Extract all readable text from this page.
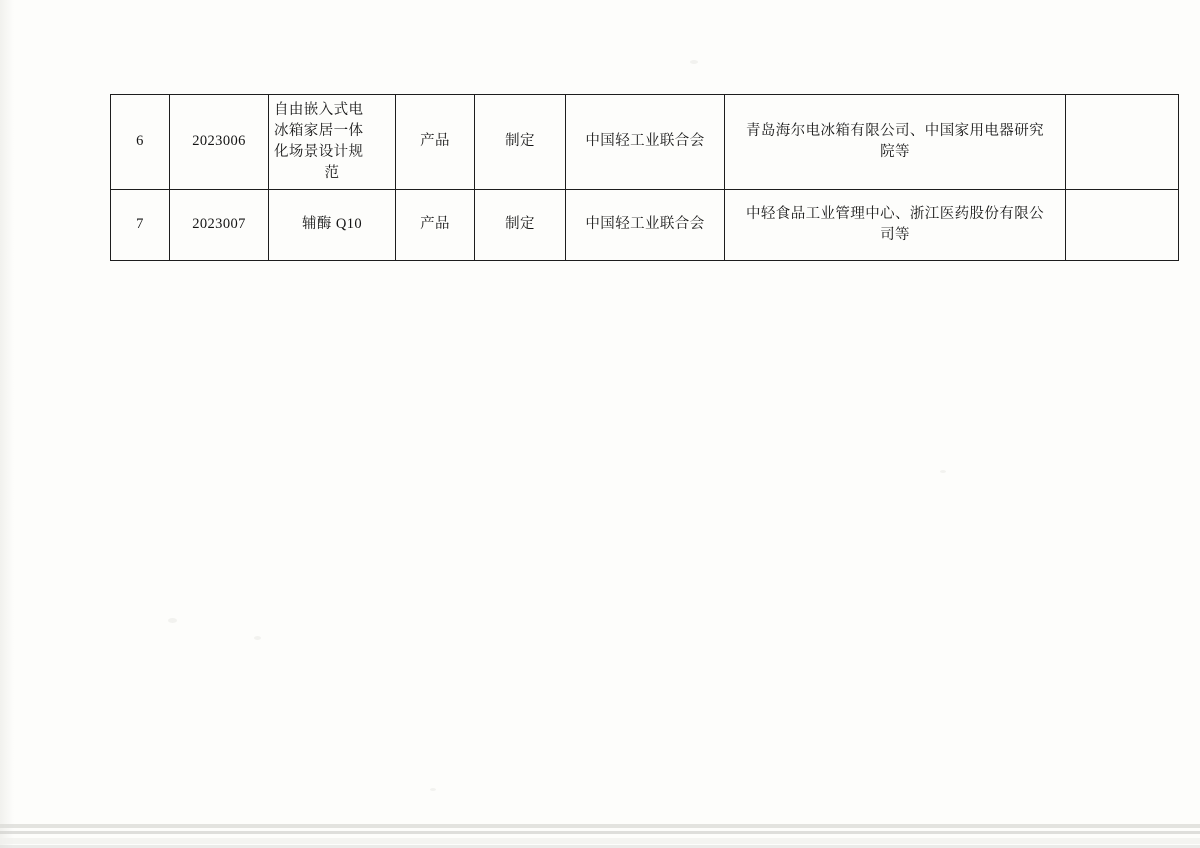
6	2023006	自由嵌入式电
冰箱家居一体
化场景设计规
范	产品	制定	中国轻工业联合会	青岛海尔电冰箱有限公司、中国家用电器研究
院等	

7	2023007	辅酶 Q10	产品	制定	中国轻工业联合会	中轻食品工业管理中心、浙江医药股份有限公
司等	
